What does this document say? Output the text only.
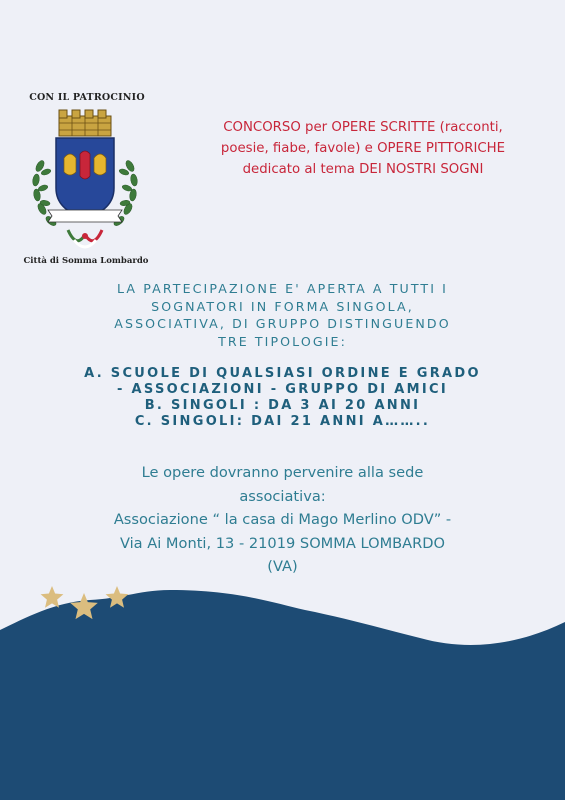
CON IL PATROCINIO
Città di Somma Lombardo
CONCORSO per OPERE SCRITTE (racconti,
poesie, fiabe, favole) e OPERE PITTORICHE
dedicato al tema DEI NOSTRI SOGNI
LA PARTECIPAZIONE E' APERTA A TUTTI I
SOGNATORI IN FORMA SINGOLA,
ASSOCIATIVA, DI GRUPPO DISTINGUENDO
TRE TIPOLOGIE:
A. SCUOLE DI QUALSIASI ORDINE E GRADO
- ASSOCIAZIONI - GRUPPO DI AMICI
B. SINGOLI : DA 3 AI 20 ANNI
C. SINGOLI: DAI 21 ANNI A……..
Le opere dovranno pervenire alla sede
associativa:
Associazione “ la casa di Mago Merlino ODV” -
Via Ai Monti, 13 - 21019 SOMMA LOMBARDO
(VA)
